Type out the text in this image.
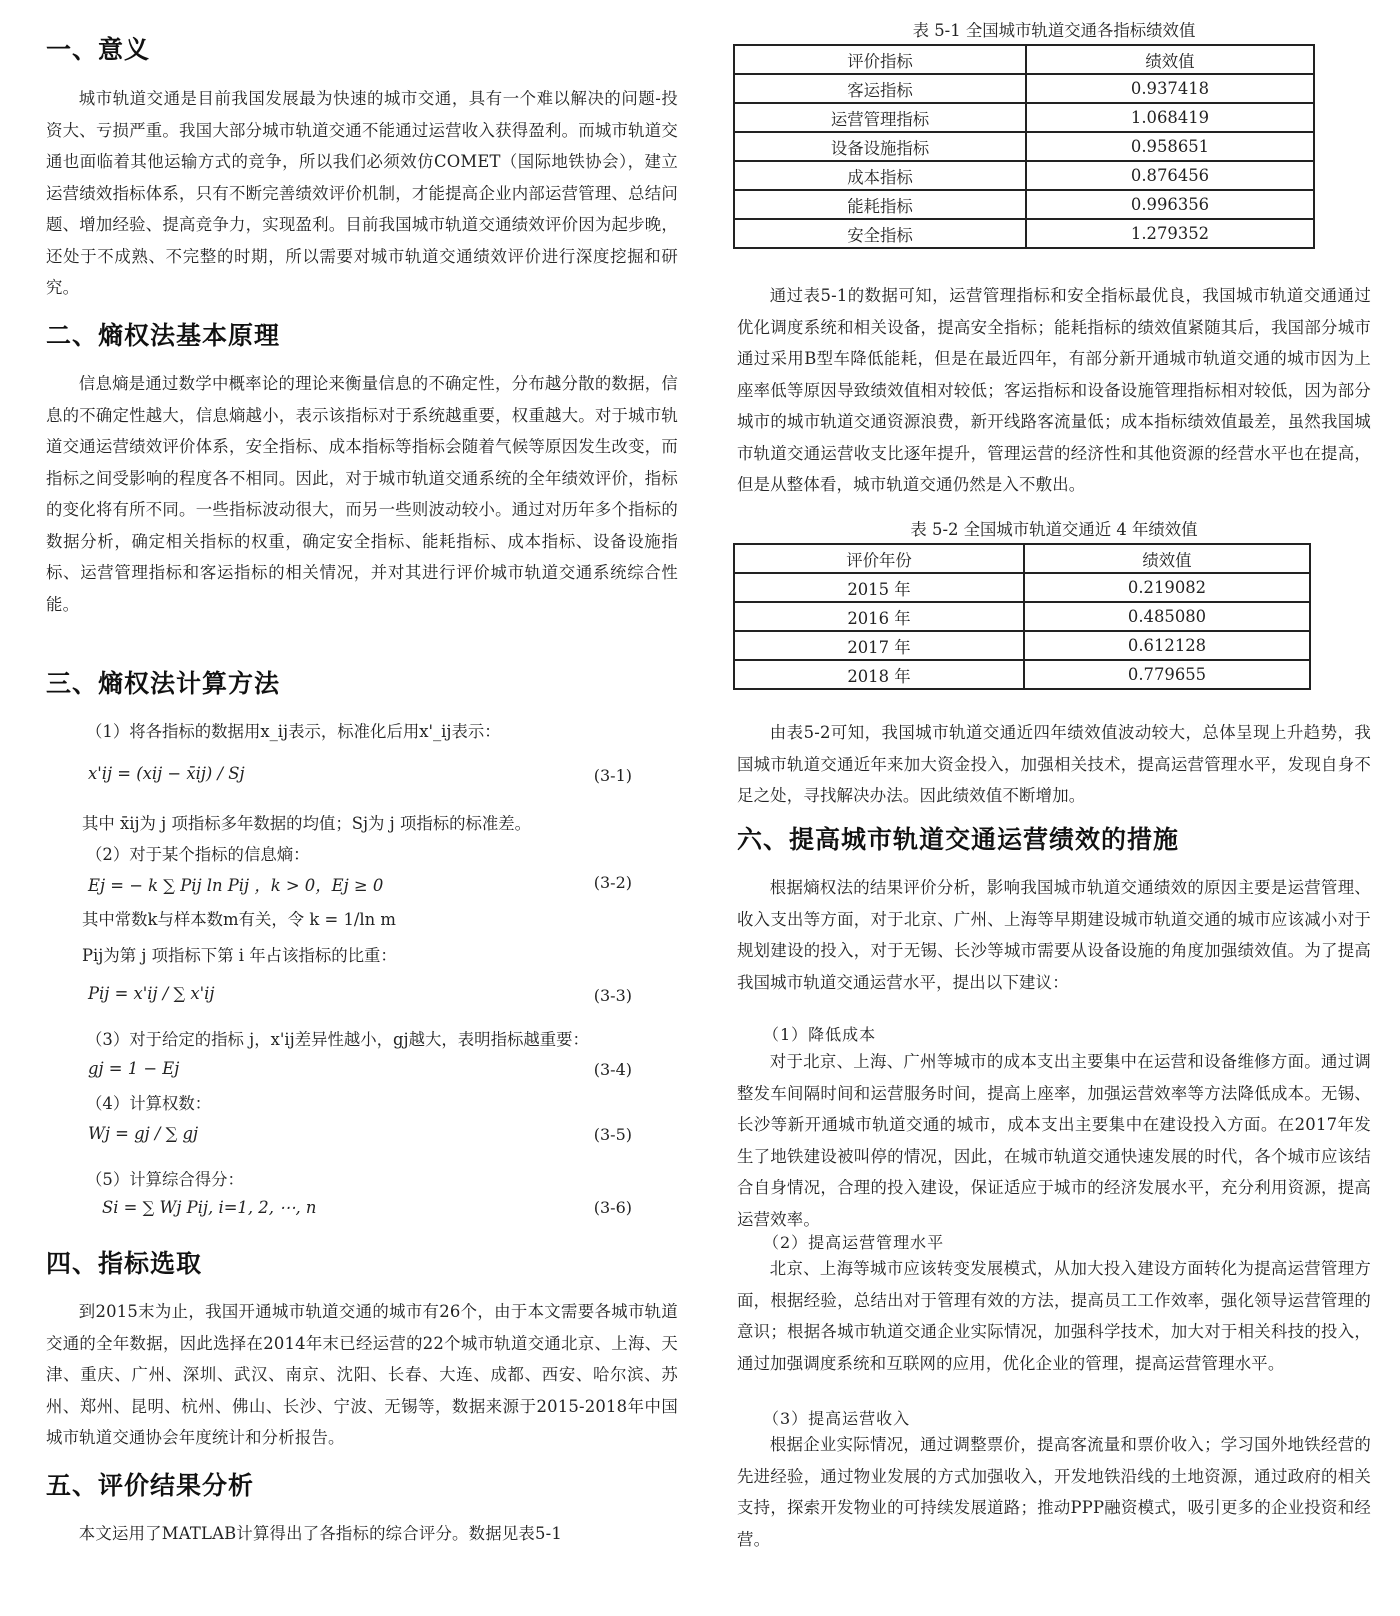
一、意义

城市轨道交通是目前我国发展最为快速的城市交通，具有一个难以解决的问题-投资大、亏损严重。我国大部分城市轨道交通不能通过运营收入获得盈利。而城市轨道交通也面临着其他运输方式的竞争，所以我们必须效仿COMET（国际地铁协会），建立运营绩效指标体系，只有不断完善绩效评价机制，才能提高企业内部运营管理、总结问题、增加经验、提高竞争力，实现盈利。目前我国城市轨道交通绩效评价因为起步晚，还处于不成熟、不完整的时期，所以需要对城市轨道交通绩效评价进行深度挖掘和研究。

二、熵权法基本原理

信息熵是通过数学中概率论的理论来衡量信息的不确定性，分布越分散的数据，信息的不确定性越大，信息熵越小，表示该指标对于系统越重要，权重越大。对于城市轨道交通运营绩效评价体系，安全指标、成本指标等指标会随着气候等原因发生改变，而指标之间受影响的程度各不相同。因此，对于城市轨道交通系统的全年绩效评价，指标的变化将有所不同。一些指标波动很大，而另一些则波动较小。通过对历年多个指标的数据分析，确定相关指标的权重，确定安全指标、能耗指标、成本指标、设备设施指标、运营管理指标和客运指标的相关情况，并对其进行评价城市轨道交通系统综合性能。

三、熵权法计算方法
（1）将各指标的数据用x_ij表示，标准化后用x'_ij表示：
x'ij = (xij − x̄ij) / Sj	(3-1)
其中 x̄ij为 j 项指标多年数据的均值；Sj为 j 项指标的标准差。
（2）对于某个指标的信息熵：
Ej = − k ∑ Pij ln Pij ，k > 0，Ej ≥ 0	(3-2)
其中常数k与样本数m有关，令 k = 1/ln m
Pij为第 j 项指标下第 i 年占该指标的比重：
Pij = x'ij / ∑ x'ij	(3-3)
（3）对于给定的指标 j，x'ij差异性越小，gj越大，表明指标越重要：
gj = 1 − Ej	(3-4)
（4）计算权数：
Wj = gj / ∑ gj	(3-5)
（5）计算综合得分：
Si = ∑ Wj Pij, i=1, 2, ⋯, n	(3-6)
四、指标选取

到2015末为止，我国开通城市轨道交通的城市有26个，由于本文需要各城市轨道交通的全年数据，因此选择在2014年末已经运营的22个城市轨道交通北京、上海、天津、重庆、广州、深圳、武汉、南京、沈阳、长春、大连、成都、西安、哈尔滨、苏州、郑州、昆明、杭州、佛山、长沙、宁波、无锡等，数据来源于2015-2018年中国城市轨道交通协会年度统计和分析报告。

五、评价结果分析

本文运用了MATLAB计算得出了各指标的综合评分。数据见表5-1

表 5-1 全国城市轨道交通各指标绩效值
评价指标	绩效值
客运指标	0.937418
运营管理指标	1.068419
设备设施指标	0.958651
成本指标	0.876456
能耗指标	0.996356
安全指标	1.279352

通过表5-1的数据可知，运营管理指标和安全指标最优良，我国城市轨道交通通过优化调度系统和相关设备，提高安全指标；能耗指标的绩效值紧随其后，我国部分城市通过采用B型车降低能耗，但是在最近四年，有部分新开通城市轨道交通的城市因为上座率低等原因导致绩效值相对较低；客运指标和设备设施管理指标相对较低，因为部分城市的城市轨道交通资源浪费，新开线路客流量低；成本指标绩效值最差，虽然我国城市轨道交通运营收支比逐年提升，管理运营的经济性和其他资源的经营水平也在提高，但是从整体看，城市轨道交通仍然是入不敷出。

表 5-2 全国城市轨道交通近 4 年绩效值
评价年份	绩效值
2015 年	0.219082
2016 年	0.485080
2017 年	0.612128
2018 年	0.779655

由表5-2可知，我国城市轨道交通近四年绩效值波动较大，总体呈现上升趋势，我国城市轨道交通近年来加大资金投入，加强相关技术，提高运营管理水平，发现自身不足之处，寻找解决办法。因此绩效值不断增加。

六、提高城市轨道交通运营绩效的措施

根据熵权法的结果评价分析，影响我国城市轨道交通绩效的原因主要是运营管理、收入支出等方面，对于北京、广州、上海等早期建设城市轨道交通的城市应该减小对于规划建设的投入，对于无锡、长沙等城市需要从设备设施的角度加强绩效值。为了提高我国城市轨道交通运营水平，提出以下建议：

（1）降低成本

对于北京、上海、广州等城市的成本支出主要集中在运营和设备维修方面。通过调整发车间隔时间和运营服务时间，提高上座率，加强运营效率等方法降低成本。无锡、长沙等新开通城市轨道交通的城市，成本支出主要集中在建设投入方面。在2017年发生了地铁建设被叫停的情况，因此，在城市轨道交通快速发展的时代，各个城市应该结合自身情况，合理的投入建设，保证适应于城市的经济发展水平，充分利用资源，提高运营效率。

（2）提高运营管理水平

北京、上海等城市应该转变发展模式，从加大投入建设方面转化为提高运营管理方面，根据经验，总结出对于管理有效的方法，提高员工工作效率，强化领导运营管理的意识；根据各城市轨道交通企业实际情况，加强科学技术，加大对于相关科技的投入，通过加强调度系统和互联网的应用，优化企业的管理，提高运营管理水平。

（3）提高运营收入

根据企业实际情况，通过调整票价，提高客流量和票价收入；学习国外地铁经营的先进经验，通过物业发展的方式加强收入，开发地铁沿线的土地资源，通过政府的相关支持，探索开发物业的可持续发展道路；推动PPP融资模式，吸引更多的企业投资和经营。
